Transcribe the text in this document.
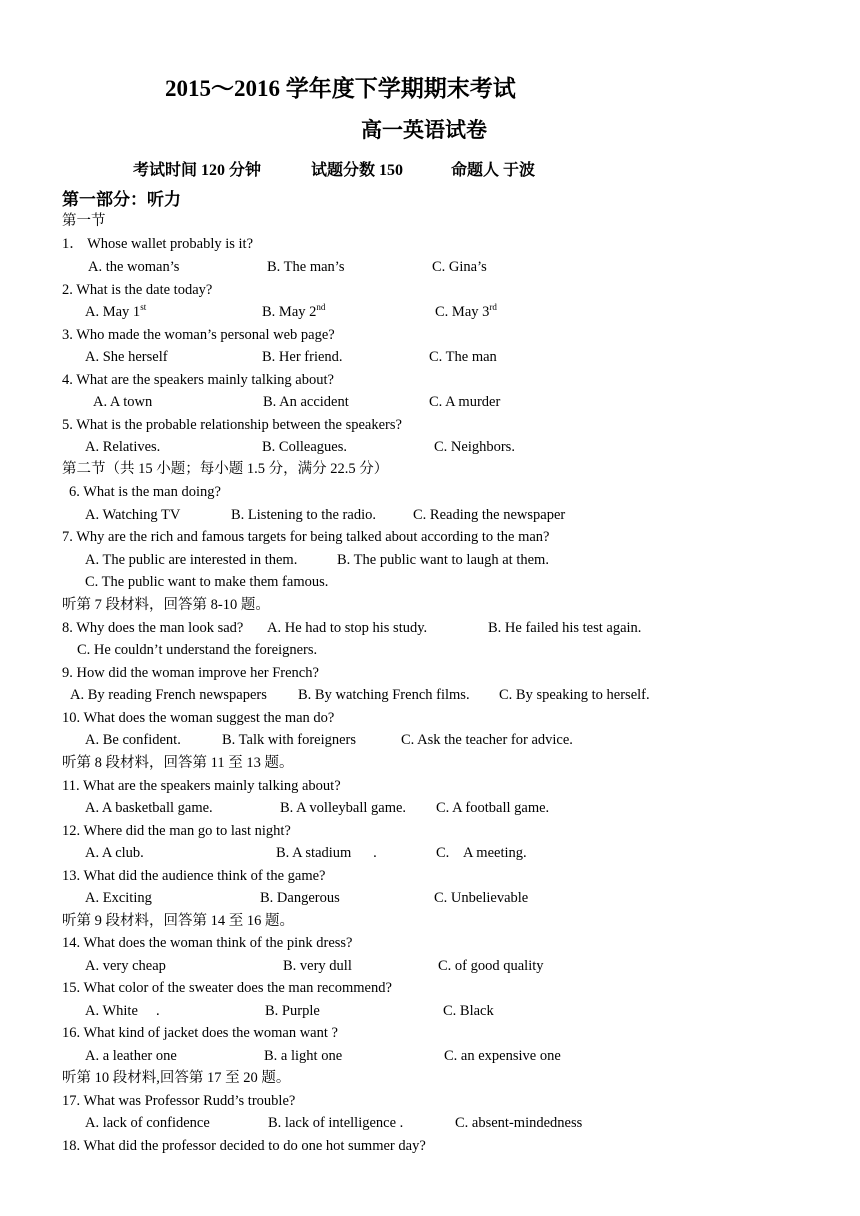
2015～2016 学年度下学期期末考试
高一英语试卷
考试时间 120 分钟	试题分数 150	命题人 于波
第一部分：听力
第一节
1． Whose wallet probably is it?
A. the woman’s	B. The man’s	C. Gina’s
2. What is the date today?
A. May 1st	B. May 2nd	C. May 3rd
3. Who made the woman’s personal web page?
A. She herself	B. Her friend.	C. The man
4. What are the speakers mainly talking about?
A. A town	B. An accident	C. A murder
5. What is the probable relationship between the speakers?
A. Relatives.	B. Colleagues.	C. Neighbors.
第二节（共 15 小题；每小题 1.5 分，满分 22.5 分）
6. What is the man doing?
A. Watching TV	B. Listening to the radio.	C. Reading the newspaper
7. Why are the rich and famous targets for being talked about according to the man?
A. The public are interested in them.	B. The public want to laugh at them.
C. The public want to make them famous.
听第 7 段材料，回答第 8-10 题。
8. Why does the man look sad? A. He had to stop his study.	B. He failed his test again.
C. He couldn’t understand the foreigners.
9. How did the woman improve her French?
A. By reading French newspapers B. By watching French films. C. By speaking to herself.
10. What does the woman suggest the man do?
A. Be confident.	B. Talk with foreigners	C. Ask the teacher for advice.
听第 8 段材料，回答第 11 至 13 题。
11. What are the speakers mainly talking about?
A. A basketball game.	B. A volleyball game. C. A football game.
12. Where did the man go to last night?
A. A club.	B. A stadium      .	C.    A meeting.
13. What did the audience think of the game?
A. Exciting	B. Dangerous	C. Unbelievable
听第 9 段材料，回答第 14 至 16 题。
14. What does the woman think of the pink dress?
A. very cheap	B. very dull	C. of good quality
15. What color of the sweater does the man recommend?
A. White     .	B. Purple	C. Black
16. What kind of jacket does the woman want ?
A. a leather one	B. a light one	C. an expensive one
听第 10 段材料,回答第 17 至 20 题。
17. What was Professor Rudd’s trouble?
A. lack of confidence	B. lack of intelligence .	C. absent-mindedness
18. What did the professor decided to do one hot summer day?
